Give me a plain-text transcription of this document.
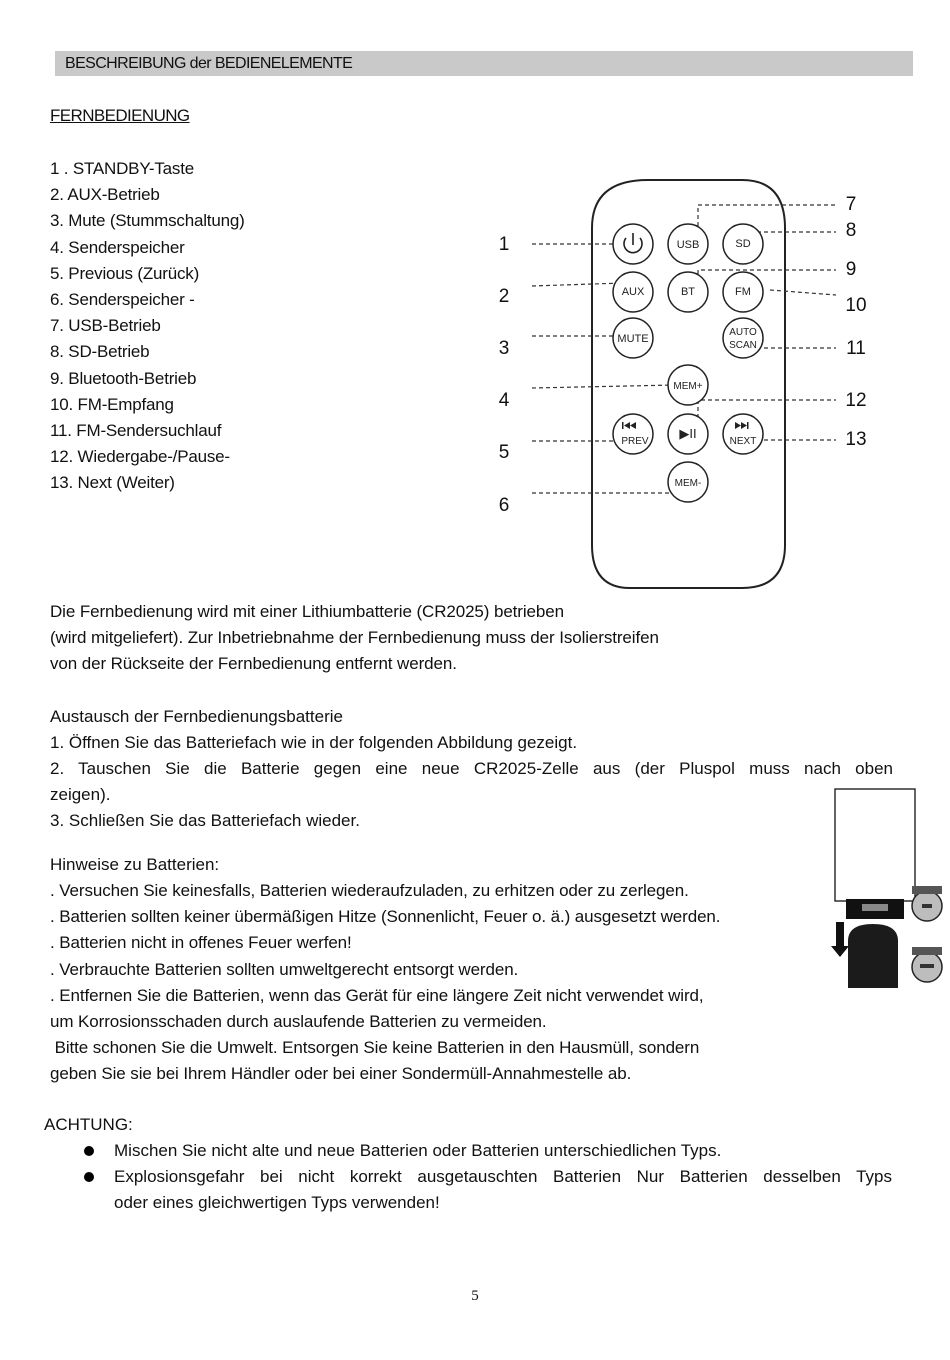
BESCHREIBUNG der BEDIENELEMENTE
FERNBEDIENUNG
1 . STANDBY-Taste
2. AUX-Betrieb
3. Mute (Stummschaltung)
4. Senderspeicher
5. Previous (Zurück)
6. Senderspeicher -
7. USB-Betrieb
8. SD-Betrieb
9. Bluetooth-Betrieb
10. FM-Empfang
11. FM-Sendersuchlauf
12. Wiedergabe-/Pause-
13. Next (Weiter)
USB	SD
AUX	BT	FM
MUTE
AUTO
SCAN
MEM+
PREV
▶II
NEXT
MEM-
1
2
3
4
5
6
7
8
9
10
11
12
13
Die Fernbedienung wird mit einer Lithiumbatterie (CR2025) betrieben
(wird mitgeliefert). Zur Inbetriebnahme der Fernbedienung muss der Isolierstreifen
von der Rückseite der Fernbedienung entfernt werden.
Austausch der Fernbedienungsbatterie
1. Öffnen Sie das Batteriefach wie in der folgenden Abbildung gezeigt.
2. Tauschen Sie die Batterie gegen eine neue CR2025-Zelle aus (der Pluspol muss nach oben
zeigen).
3. Schließen Sie das Batteriefach wieder.
Hinweise zu Batterien:
. Versuchen Sie keinesfalls, Batterien wiederaufzuladen, zu erhitzen oder zu zerlegen.
. Batterien sollten keiner übermäßigen Hitze (Sonnenlicht, Feuer o. ä.) ausgesetzt werden.
. Batterien nicht in offenes Feuer werfen!
. Verbrauchte Batterien sollten umweltgerecht entsorgt werden.
. Entfernen Sie die Batterien, wenn das Gerät für eine längere Zeit nicht verwendet wird,
um Korrosionsschaden durch auslaufende Batterien zu vermeiden.
Bitte schonen Sie die Umwelt. Entsorgen Sie keine Batterien in den Hausmüll, sondern
geben Sie sie bei Ihrem Händler oder bei einer Sondermüll-Annahmestelle ab.
ACHTUNG:
Mischen Sie nicht alte und neue Batterien oder Batterien unterschiedlichen Typs.
Explosionsgefahr bei nicht korrekt ausgetauschten Batterien Nur Batterien desselben Typs
oder eines gleichwertigen Typs verwenden!
5
